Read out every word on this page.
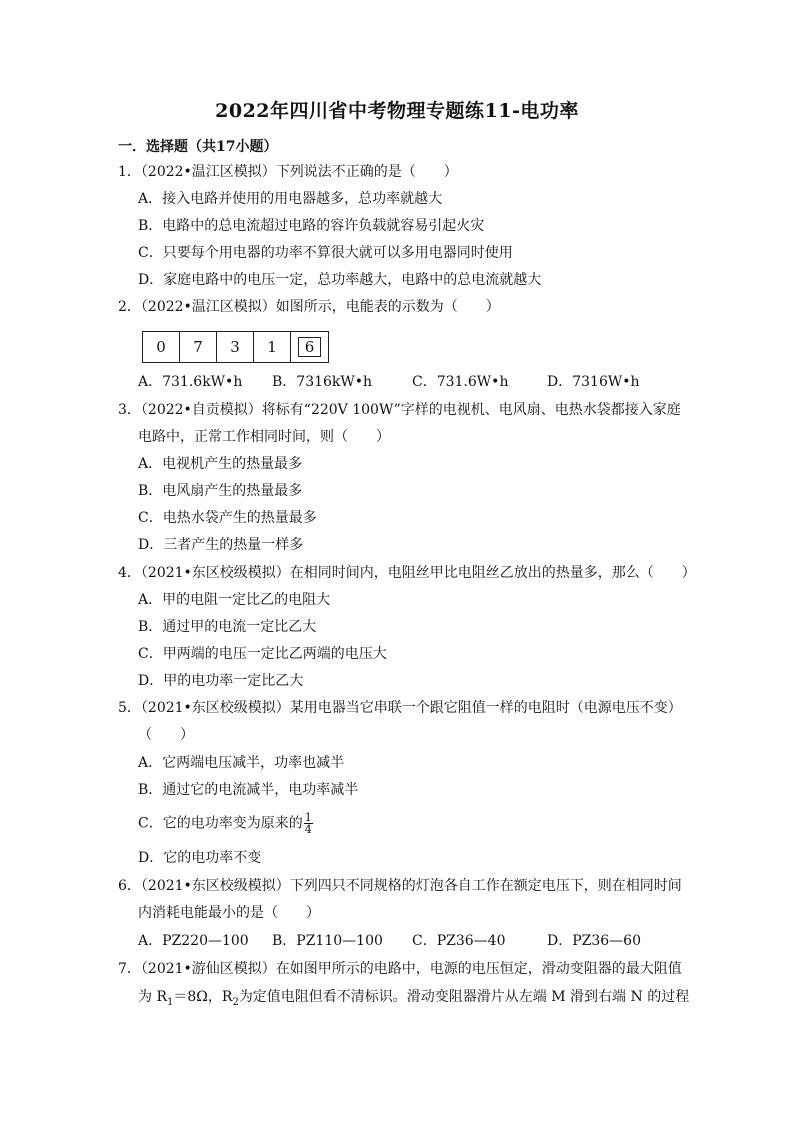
2022年四川省中考物理专题练11-电功率
一．选择题（共17小题）
1．（2022•温江区模拟）下列说法不正确的是（　　）
A．接入电路并使用的用电器越多，总功率就越大
B．电路中的总电流超过电路的容许负载就容易引起火灾
C．只要每个用电器的功率不算很大就可以多用电器同时使用
D．家庭电路中的电压一定，总功率越大，电路中的总电流就越大
2．（2022•温江区模拟）如图所示，电能表的示数为（　　）
0	7	3	1	6
A．731.6kW•h B．7316kW•h	C．731.6W•h	D．7316W•h
3．（2022•自贡模拟）将标有“220V 100W”字样的电视机、电风扇、电热水袋都接入家庭
电路中，正常工作相同时间，则（　　）
A．电视机产生的热量最多
B．电风扇产生的热量最多
C．电热水袋产生的热量最多
D．三者产生的热量一样多
4．（2021•东区校级模拟）在相同时间内，电阻丝甲比电阻丝乙放出的热量多，那么（　　）
A．甲的电阻一定比乙的电阻大
B．通过甲的电流一定比乙大
C．甲两端的电压一定比乙两端的电压大
D．甲的电功率一定比乙大
5．（2021•东区校级模拟）某用电器当它串联一个跟它阻值一样的电阻时（电源电压不变）
（　　）
A．它两端电压减半，功率也减半
B．通过它的电流减半，电功率减半
C．它的电功率变为原来的 $\frac{1}{4}$
D．它的电功率不变
6．（2021•东区校级模拟）下列四只不同规格的灯泡各自工作在额定电压下，则在相同时间
内消耗电能最小的是（　　）
A．PZ220—100 B．PZ110—100 C．PZ36—40	D．PZ36—60
7．（2021•游仙区模拟）在如图甲所示的电路中，电源的电压恒定，滑动变阻器的最大阻值
为 $R_1=8\Omega$，$R_2$为定值电阻但看不清标识。滑动变阻器滑片从左端 M 滑到右端 N 的过程
